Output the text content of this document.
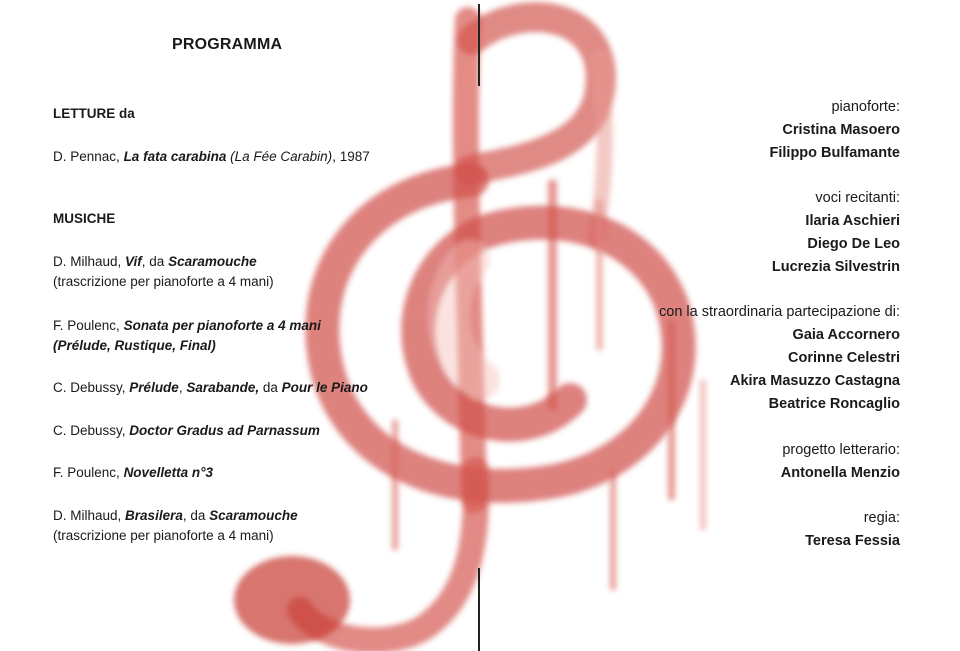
PROGRAMMA
LETTURE da
D. Pennac, La fata carabina (La Fée Carabin), 1987
MUSICHE
D. Milhaud, Vif, da Scaramouche
(trascrizione per pianoforte a 4 mani)
F. Poulenc, Sonata per pianoforte a 4 mani
(Prélude, Rustique, Final)
C. Debussy, Prélude, Sarabande, da Pour le Piano
C. Debussy, Doctor Gradus ad Parnassum
F. Poulenc, Novelletta n°3
D. Milhaud, Brasilera, da Scaramouche
(trascrizione per pianoforte a 4 mani)
pianoforte:
Cristina Masoero
Filippo Bulfamante
voci recitanti:
Ilaria Aschieri
Diego De Leo
Lucrezia Silvestrin
con la straordinaria partecipazione di:
Gaia Accornero
Corinne Celestri
Akira Masuzzo Castagna
Beatrice Roncaglio
progetto letterario:
Antonella Menzio
regia:
Teresa Fessia
